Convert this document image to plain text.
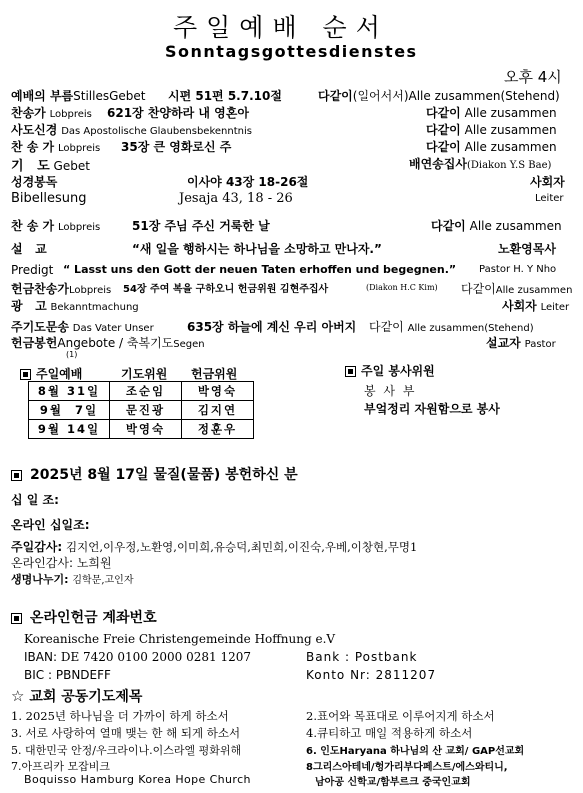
주일예배 순서
Sonntagsgottesdienstes
오후 4시
예배의 부름StillesGebet 시편 51편 5.7.10절	다같이(일어서서)Alle zusammen(Stehend)
찬송가 Lobpreis 621장 찬양하라 내 영혼아	다같이 Alle zusammen
사도신경 Das Apostolische Glaubensbekenntnis	다같이 Alle zusammen
찬 송 가 Lobpreis 35장 큰 영화로신 주	다같이 Alle zusammen
기   도 Gebet	배연송집사(Diakon Y.S Bae)
성경봉독	이사야 43장 18-26절	사회자
Bibellesung	Jesaja 43, 18 - 26	Leiter
찬 송 가 Lobpreis	51장 주님 주신 거룩한 날	다같이 Alle zusammen
설   교	“새 일을 행하시는 하나님을 소망하고 만나자.”	노환영목사
Predigt “ Lasst uns den Gott der neuen Taten erhoffen und begegnen.” Pastor H. Y Nho
헌금찬송가Lobpreis 54장 주여 복을 구하오니 헌금위원 김현주집사	(Diakon H.C Kim) 다같이Alle zusammen
광   고 Bekanntmachung	사회자 Leiter
주기도문송 Das Vater Unser	635장 하늘에 계신 우리 아버지 다같이 Alle zusammen(Stehend)
헌금봉헌Angebote / 축복기도Segen	설교자 Pastor
(1)
주일예배	기도위원 헌금위원
8월 31일	조순임	박영숙
9월  7일	문진광	김지연
9월 14일	박영숙	정훈우
주일 봉사위원
봉 사 부
부엌정리 자원함으로 봉사
2025년 8월 17일 물질(물품) 봉헌하신 분
십 일 조:
온라인 십일조:
주일감사: 김지언,이우정,노환영,이미희,유승덕,최민희,이진숙,우베,이창현,무명1
온라인감사: 노희원
생명나누기: 김학문,고인자
온라인헌금 계좌번호
Koreanische Freie Christengemeinde Hoffnung e.V
IBAN: DE 7420 0100 2000 0281 1207	Bank : Postbank
BIC : PBNDEFF	Konto Nr: 2811207
☆ 교회 공동기도제목
1. 2025년 하나님을 더 가까이 하게 하소서
3. 서로 사랑하여 열매 맺는 한 해 되게 하소서
5. 대한민국 안정/우크라이나.이스라엘 평화위해
7.아프리카 모잡비크
Boquisso Hamburg Korea Hope Church
2.표어와 목표대로 이루어지게 하소서
4.큐티하고 매일 적용하게 하소서
6. 인도Haryana 하나님의 산 교회/ GAP선교회
8그리스아테네/헝가리부다페스트/에스와티니,
남아공 신학교/함부르크 중국인교회
